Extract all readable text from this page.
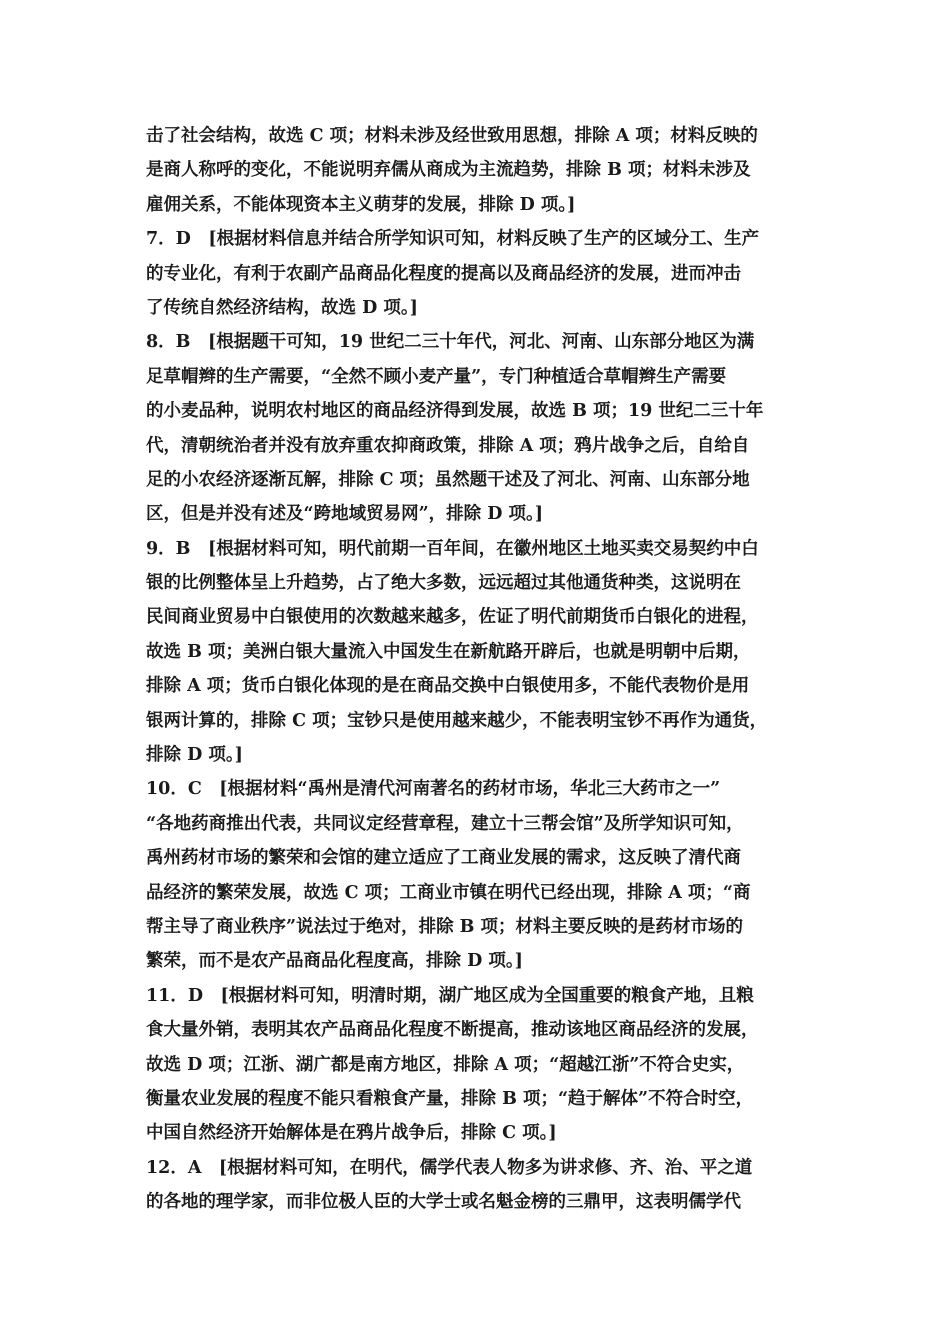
击了社会结构，故选 C 项；材料未涉及经世致用思想，排除 A 项；材料反映的
是商人称呼的变化，不能说明弃儒从商成为主流趋势，排除 B 项；材料未涉及
雇佣关系，不能体现资本主义萌芽的发展，排除 D 项。]
7．D　[根据材料信息并结合所学知识可知，材料反映了生产的区域分工、生产
的专业化，有利于农副产品商品化程度的提高以及商品经济的发展，进而冲击
了传统自然经济结构，故选 D 项。]
8．B　[根据题干可知，19 世纪二三十年代，河北、河南、山东部分地区为满
足草帽辫的生产需要，“全然不顾小麦产量”，专门种植适合草帽辫生产需要
的小麦品种，说明农村地区的商品经济得到发展，故选 B 项；19 世纪二三十年
代，清朝统治者并没有放弃重农抑商政策，排除 A 项；鸦片战争之后，自给自
足的小农经济逐渐瓦解，排除 C 项；虽然题干述及了河北、河南、山东部分地
区，但是并没有述及“跨地域贸易网”，排除 D 项。]
9．B　[根据材料可知，明代前期一百年间，在徽州地区土地买卖交易契约中白
银的比例整体呈上升趋势，占了绝大多数，远远超过其他通货种类，这说明在
民间商业贸易中白银使用的次数越来越多，佐证了明代前期货币白银化的进程，
故选 B 项；美洲白银大量流入中国发生在新航路开辟后，也就是明朝中后期，
排除 A 项；货币白银化体现的是在商品交换中白银使用多，不能代表物价是用
银两计算的，排除 C 项；宝钞只是使用越来越少，不能表明宝钞不再作为通货，
排除 D 项。]
10．C　[根据材料“禹州是清代河南著名的药材市场，华北三大药市之一”
“各地药商推出代表，共同议定经营章程，建立十三帮会馆”及所学知识可知，
禹州药材市场的繁荣和会馆的建立适应了工商业发展的需求，这反映了清代商
品经济的繁荣发展，故选 C 项；工商业市镇在明代已经出现，排除 A 项；“商
帮主导了商业秩序”说法过于绝对，排除 B 项；材料主要反映的是药材市场的
繁荣，而不是农产品商品化程度高，排除 D 项。]
11．D　[根据材料可知，明清时期，湖广地区成为全国重要的粮食产地，且粮
食大量外销，表明其农产品商品化程度不断提高，推动该地区商品经济的发展，
故选 D 项；江浙、湖广都是南方地区，排除 A 项；“超越江浙”不符合史实，
衡量农业发展的程度不能只看粮食产量，排除 B 项；“趋于解体”不符合时空，
中国自然经济开始解体是在鸦片战争后，排除 C 项。]
12．A　[根据材料可知，在明代，儒学代表人物多为讲求修、齐、治、平之道
的各地的理学家，而非位极人臣的大学士或名魁金榜的三鼎甲，这表明儒学代
